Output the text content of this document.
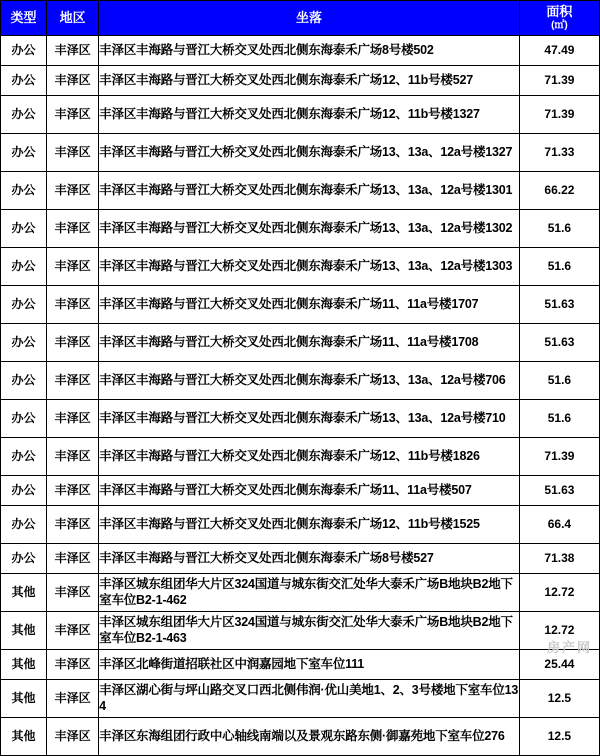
类型	地区	坐落	面积
(㎡)

办公	丰泽区	丰泽区丰海路与晋江大桥交叉处西北侧东海泰禾广场8号楼502	47.49
办公	丰泽区	丰泽区丰海路与晋江大桥交叉处西北侧东海泰禾广场12、11b号楼527	71.39
办公	丰泽区	丰泽区丰海路与晋江大桥交叉处西北侧东海泰禾广场12、11b号楼1327	71.39
办公	丰泽区	丰泽区丰海路与晋江大桥交叉处西北侧东海泰禾广场13、13a、12a号楼1327	71.33
办公	丰泽区	丰泽区丰海路与晋江大桥交叉处西北侧东海泰禾广场13、13a、12a号楼1301	66.22
办公	丰泽区	丰泽区丰海路与晋江大桥交叉处西北侧东海泰禾广场13、13a、12a号楼1302	51.6
办公	丰泽区	丰泽区丰海路与晋江大桥交叉处西北侧东海泰禾广场13、13a、12a号楼1303	51.6
办公	丰泽区	丰泽区丰海路与晋江大桥交叉处西北侧东海泰禾广场11、11a号楼1707	51.63
办公	丰泽区	丰泽区丰海路与晋江大桥交叉处西北侧东海泰禾广场11、11a号楼1708	51.63
办公	丰泽区	丰泽区丰海路与晋江大桥交叉处西北侧东海泰禾广场13、13a、12a号楼706	51.6
办公	丰泽区	丰泽区丰海路与晋江大桥交叉处西北侧东海泰禾广场13、13a、12a号楼710	51.6
办公	丰泽区	丰泽区丰海路与晋江大桥交叉处西北侧东海泰禾广场12、11b号楼1826	71.39
办公	丰泽区	丰泽区丰海路与晋江大桥交叉处西北侧东海泰禾广场11、11a号楼507	51.63
办公	丰泽区	丰泽区丰海路与晋江大桥交叉处西北侧东海泰禾广场12、11b号楼1525	66.4
办公	丰泽区	丰泽区丰海路与晋江大桥交叉处西北侧东海泰禾广场8号楼527	71.38
其他	丰泽区	丰泽区城东组团华大片区324国道与城东街交汇处华大泰禾广场B地块B2地下室车位B2-1-462	12.72
其他	丰泽区	丰泽区城东组团华大片区324国道与城东街交汇处华大泰禾广场B地块B2地下室车位B2-1-463	12.72
其他	丰泽区	丰泽区北峰街道招联社区中润嘉园地下室车位111	25.44
其他	丰泽区	丰泽区湖心街与坪山路交叉口西北侧伟润·优山美地1、2、3号楼地下室车位134	12.5
其他	丰泽区	丰泽区东海组团行政中心轴线南端以及景观东路东侧·御嘉苑地下室车位276	12.5
房产网
